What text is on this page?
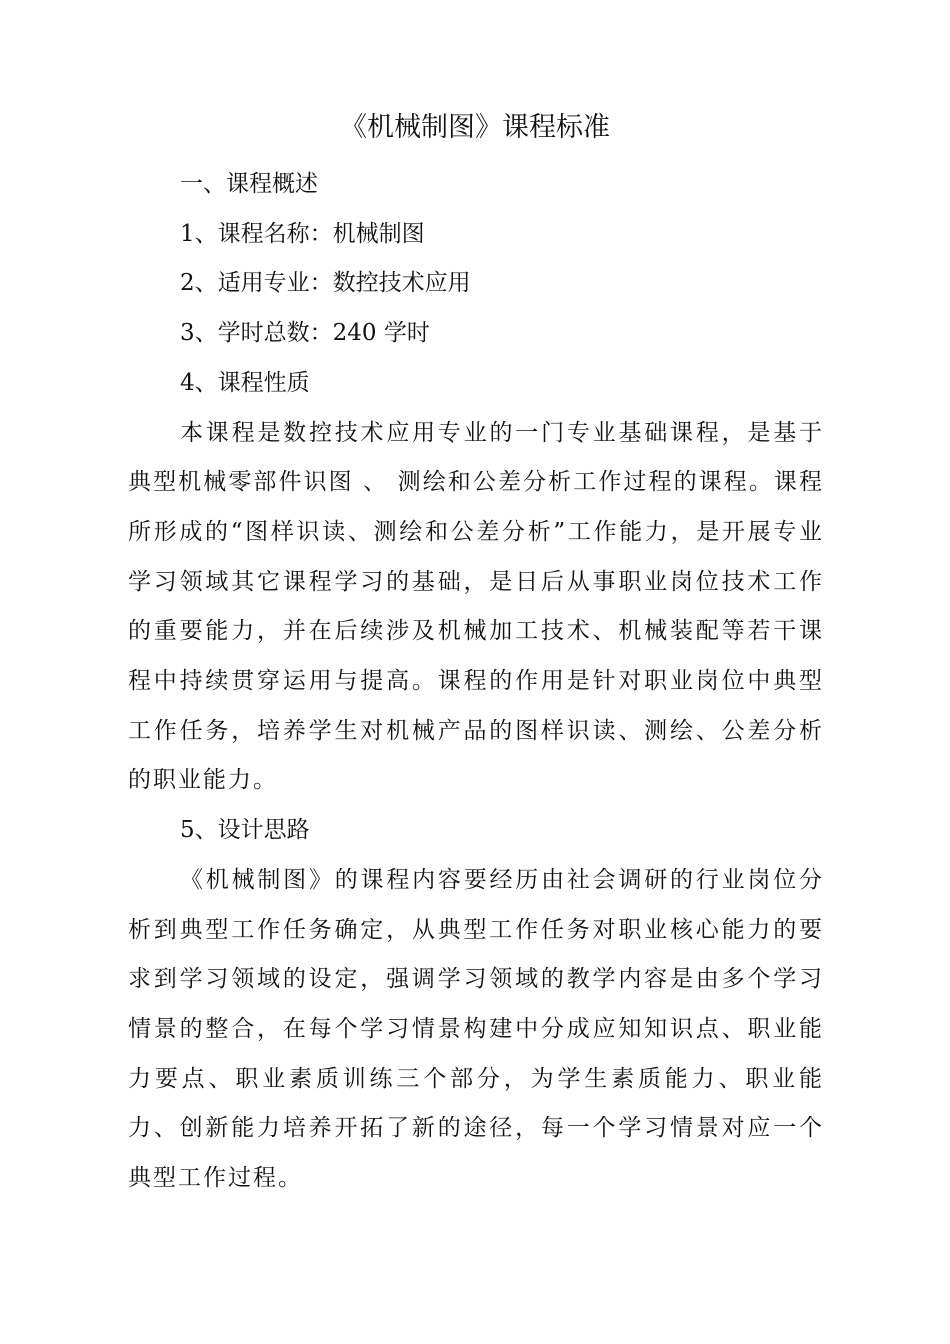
《机械制图》课程标准

一、课程概述

1、课程名称：机械制图

2、适用专业：数控技术应用

3、学时总数：240 学时

4、课程性质

本课程是数控技术应用专业的一门专业基础课程，是基于典型机械零部件识图 、 测绘和公差分析工作过程的课程。课程所形成的“图样识读、测绘和公差分析”工作能力，是开展专业学习领域其它课程学习的基础，是日后从事职业岗位技术工作的重要能力，并在后续涉及机械加工技术、机械装配等若干课程中持续贯穿运用与提高。课程的作用是针对职业岗位中典型工作任务，培养学生对机械产品的图样识读、测绘、公差分析的职业能力。

5、设计思路

《机械制图》的课程内容要经历由社会调研的行业岗位分析到典型工作任务确定，从典型工作任务对职业核心能力的要求到学习领域的设定，强调学习领域的教学内容是由多个学习情景的整合，在每个学习情景构建中分成应知知识点、职业能力要点、职业素质训练三个部分，为学生素质能力、职业能力、创新能力培养开拓了新的途径，每一个学习情景对应一个典型工作过程。
